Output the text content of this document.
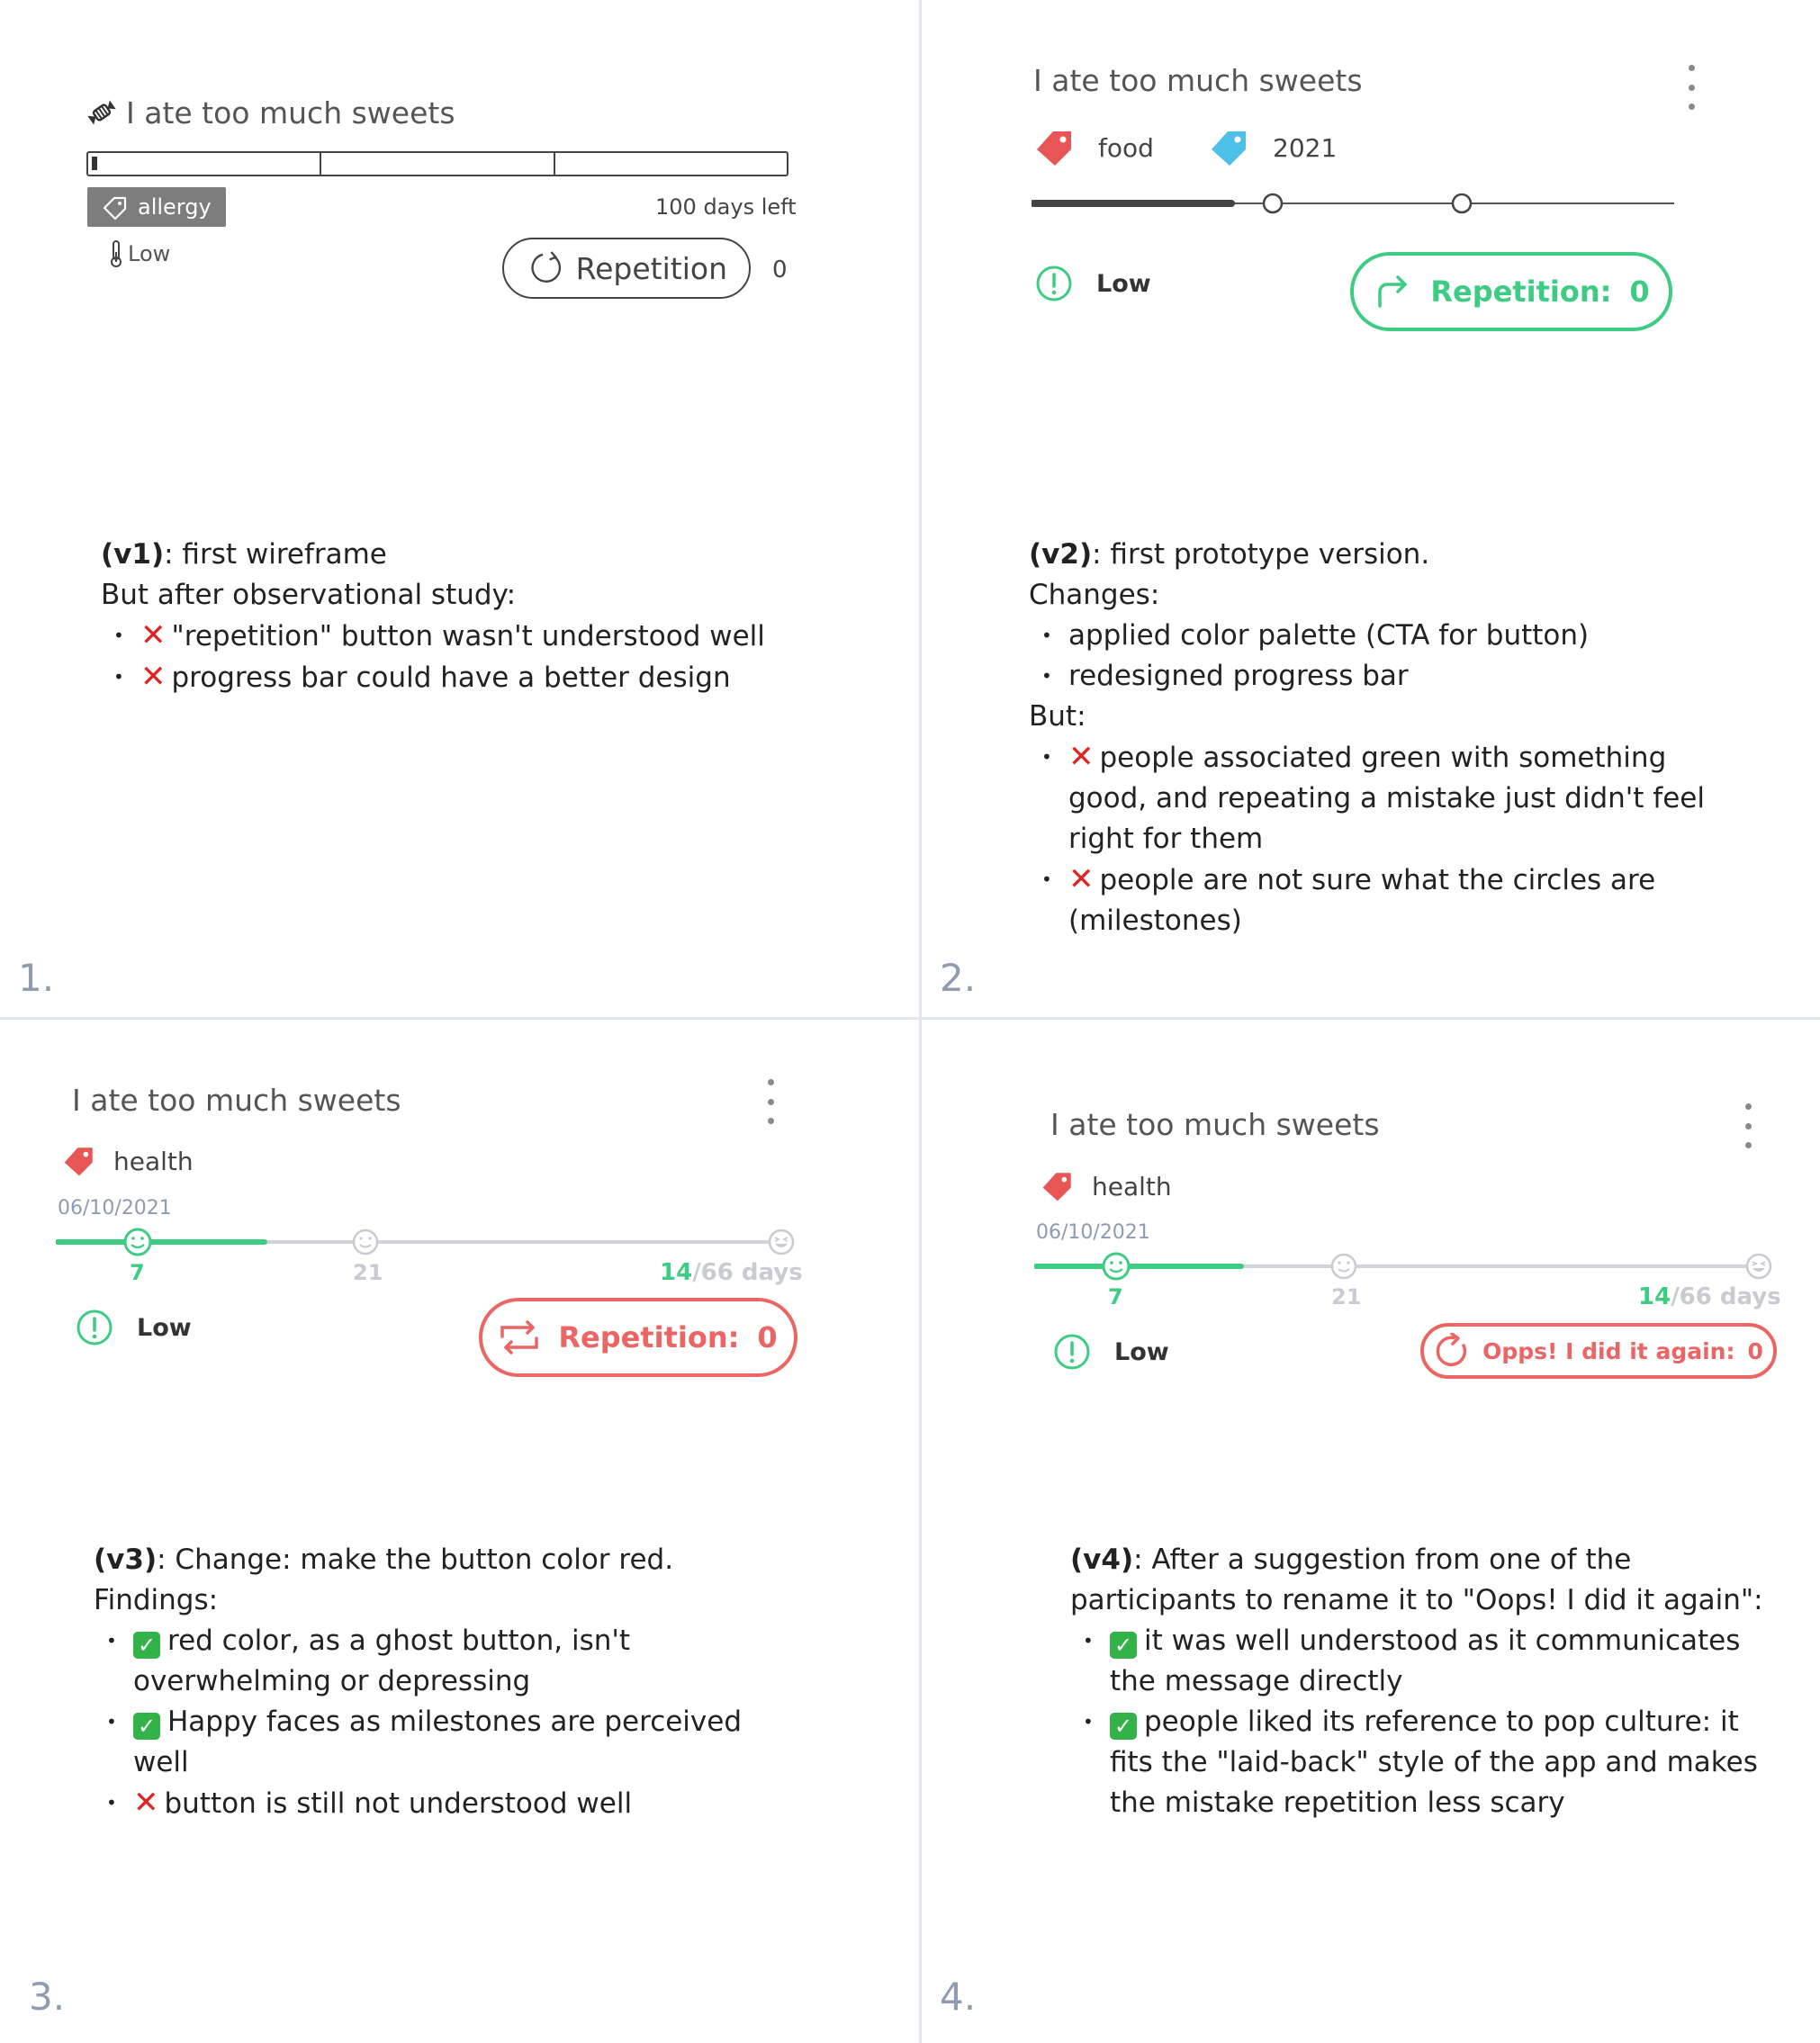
I ate too much sweets
allergy	100 days left
Low	Repetition 0
(v1): first wireframe
But after observational study:
• ✕ "repetition" button wasn't understood well
• ✕ progress bar could have a better design
1.
I ate too much sweets
food	2021
Low	Repetition: 0
(v2): first prototype version.
Changes:
• applied color palette (CTA for button)
• redesigned progress bar
But:
• ✕ people associated green with something
good, and repeating a mistake just didn't feel
right for them
• ✕ people are not sure what the circles are
(milestones)
2.
I ate too much sweets
health
06/10/2021
7	21	14/66 days
Low	Repetition: 0
(v3): Change: make the button color red.
Findings:
• ✓ red color, as a ghost button, isn't
overwhelming or depressing
• ✓ Happy faces as milestones are perceived
well
• ✕ button is still not understood well
3.
I ate too much sweets
health
06/10/2021
7	21	14/66 days
Low	Opps! I did it again: 0
(v4): After a suggestion from one of the
participants to rename it to "Oops! I did it again":
• ✓ it was well understood as it communicates
the message directly
• ✓ people liked its reference to pop culture: it
fits the "laid-back" style of the app and makes
the mistake repetition less scary
4.
